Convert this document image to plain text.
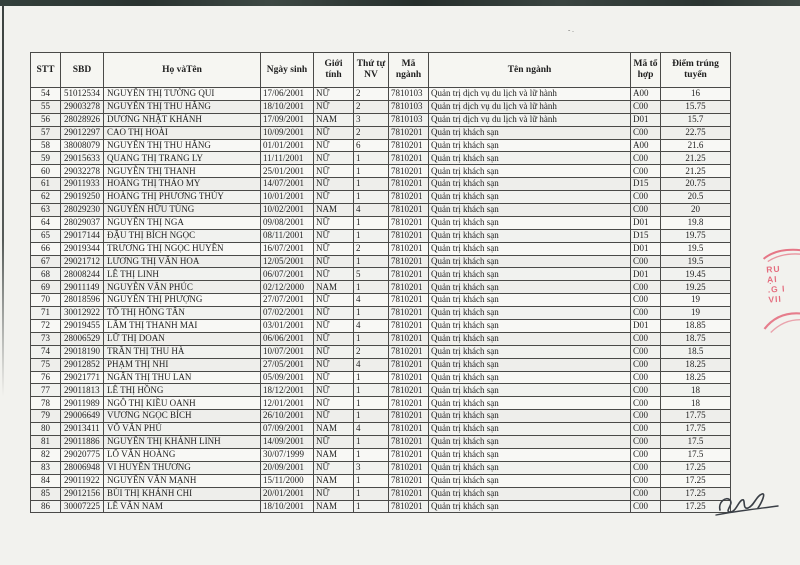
- .
STT	SBD	Họ vàTên	Ngày sinh	Giới tính	Thứ tự NV	Mã ngành	Tên ngành	Mã tổ hợp	Điểm trúng tuyển
54	51012534	NGUYỄN THỊ TƯỜNG QUI	17/06/2001	NỮ	2	7810103	Quản trị dịch vụ du lịch và lữ hành	A00	16
55	29003278	NGUYỄN THỊ THU HẰNG	18/10/2001	NỮ	2	7810103	Quản trị dịch vụ du lịch và lữ hành	C00	15.75
56	28028926	DƯƠNG NHẬT KHÁNH	17/09/2001	NAM	3	7810103	Quản trị dịch vụ du lịch và lữ hành	D01	15.7
57	29012297	CAO THỊ HOÀI	10/09/2001	NỮ	2	7810201	Quản trị khách sạn	C00	22.75
58	38008079	NGUYỄN THỊ THU HẰNG	01/01/2001	NỮ	6	7810201	Quản trị khách sạn	A00	21.6
59	29015633	QUANG THỊ TRANG LY	11/11/2001	NỮ	1	7810201	Quản trị khách sạn	C00	21.25
60	29032278	NGUYỄN THỊ THANH	25/01/2001	NỮ	1	7810201	Quản trị khách sạn	C00	21.25
61	29011933	HOÀNG THỊ THẢO MY	14/07/2001	NỮ	1	7810201	Quản trị khách sạn	D15	20.75
62	29019250	HOÀNG THỊ PHƯƠNG THÚY	10/01/2001	NỮ	1	7810201	Quản trị khách sạn	C00	20.5
63	28029230	NGUYỄN HỮU TÙNG	10/02/2001	NAM	4	7810201	Quản trị khách sạn	C00	20
64	28029037	NGUYỄN THỊ NGA	09/08/2001	NỮ	1	7810201	Quản trị khách sạn	D01	19.8
65	29017144	ĐẬU THỊ BÍCH NGỌC	08/11/2001	NỮ	1	7810201	Quản trị khách sạn	D15	19.75
66	29019344	TRƯƠNG THỊ NGỌC HUYỀN	16/07/2001	NỮ	2	7810201	Quản trị khách sạn	D01	19.5
67	29021712	LƯƠNG THỊ VÂN HOA	12/05/2001	NỮ	1	7810201	Quản trị khách sạn	C00	19.5
68	28008244	LÊ THỊ LINH	06/07/2001	NỮ	5	7810201	Quản trị khách sạn	D01	19.45
69	29011149	NGUYỄN VĂN PHÚC	02/12/2000	NAM	1	7810201	Quản trị khách sạn	C00	19.25
70	28018596	NGUYỄN THỊ PHƯỢNG	27/07/2001	NỮ	4	7810201	Quản trị khách sạn	C00	19
71	30012922	TÔ THỊ HỒNG TÂN	07/02/2001	NỮ	1	7810201	Quản trị khách sạn	C00	19
72	29019455	LÂM THỊ THANH MAI	03/01/2001	NỮ	4	7810201	Quản trị khách sạn	D01	18.85
73	28006529	LỮ THỊ DOAN	06/06/2001	NỮ	1	7810201	Quản trị khách sạn	C00	18.75
74	29018190	TRẦN THỊ THU HÀ	10/07/2001	NỮ	2	7810201	Quản trị khách sạn	C00	18.5
75	29012852	PHẠM THỊ NHI	27/05/2001	NỮ	4	7810201	Quản trị khách sạn	C00	18.25
76	29021771	NGÂN THỊ THU LAN	05/09/2001	NỮ	1	7810201	Quản trị khách sạn	C00	18.25
77	29011813	LÊ THỊ HỒNG	18/12/2001	NỮ	1	7810201	Quản trị khách sạn	C00	18
78	29011989	NGÔ THỊ KIỀU OANH	12/01/2001	NỮ	1	7810201	Quản trị khách sạn	C00	18
79	29006649	VƯƠNG NGỌC BÍCH	26/10/2001	NỮ	1	7810201	Quản trị khách sạn	C00	17.75
80	29013411	VÕ VĂN PHÚ	07/09/2001	NAM	4	7810201	Quản trị khách sạn	C00	17.75
81	29011886	NGUYỄN THỊ KHÁNH LINH	14/09/2001	NỮ	1	7810201	Quản trị khách sạn	C00	17.5
82	29020775	LÔ VĂN HOÀNG	30/07/1999	NAM	1	7810201	Quản trị khách sạn	C00	17.5
83	28006948	VI HUYỀN THƯƠNG	20/09/2001	NỮ	3	7810201	Quản trị khách sạn	C00	17.25
84	29011922	NGUYỄN VĂN MẠNH	15/11/2000	NAM	1	7810201	Quản trị khách sạn	C00	17.25
85	29012156	BÙI THỊ KHÁNH CHI	20/01/2001	NỮ	1	7810201	Quản trị khách sạn	C00	17.25
86	30007225	LÊ VĂN NAM	18/10/2001	NAM	1	7810201	Quản trị khách sạn	C00	17.25
RU
ẠI
.G I
VII
